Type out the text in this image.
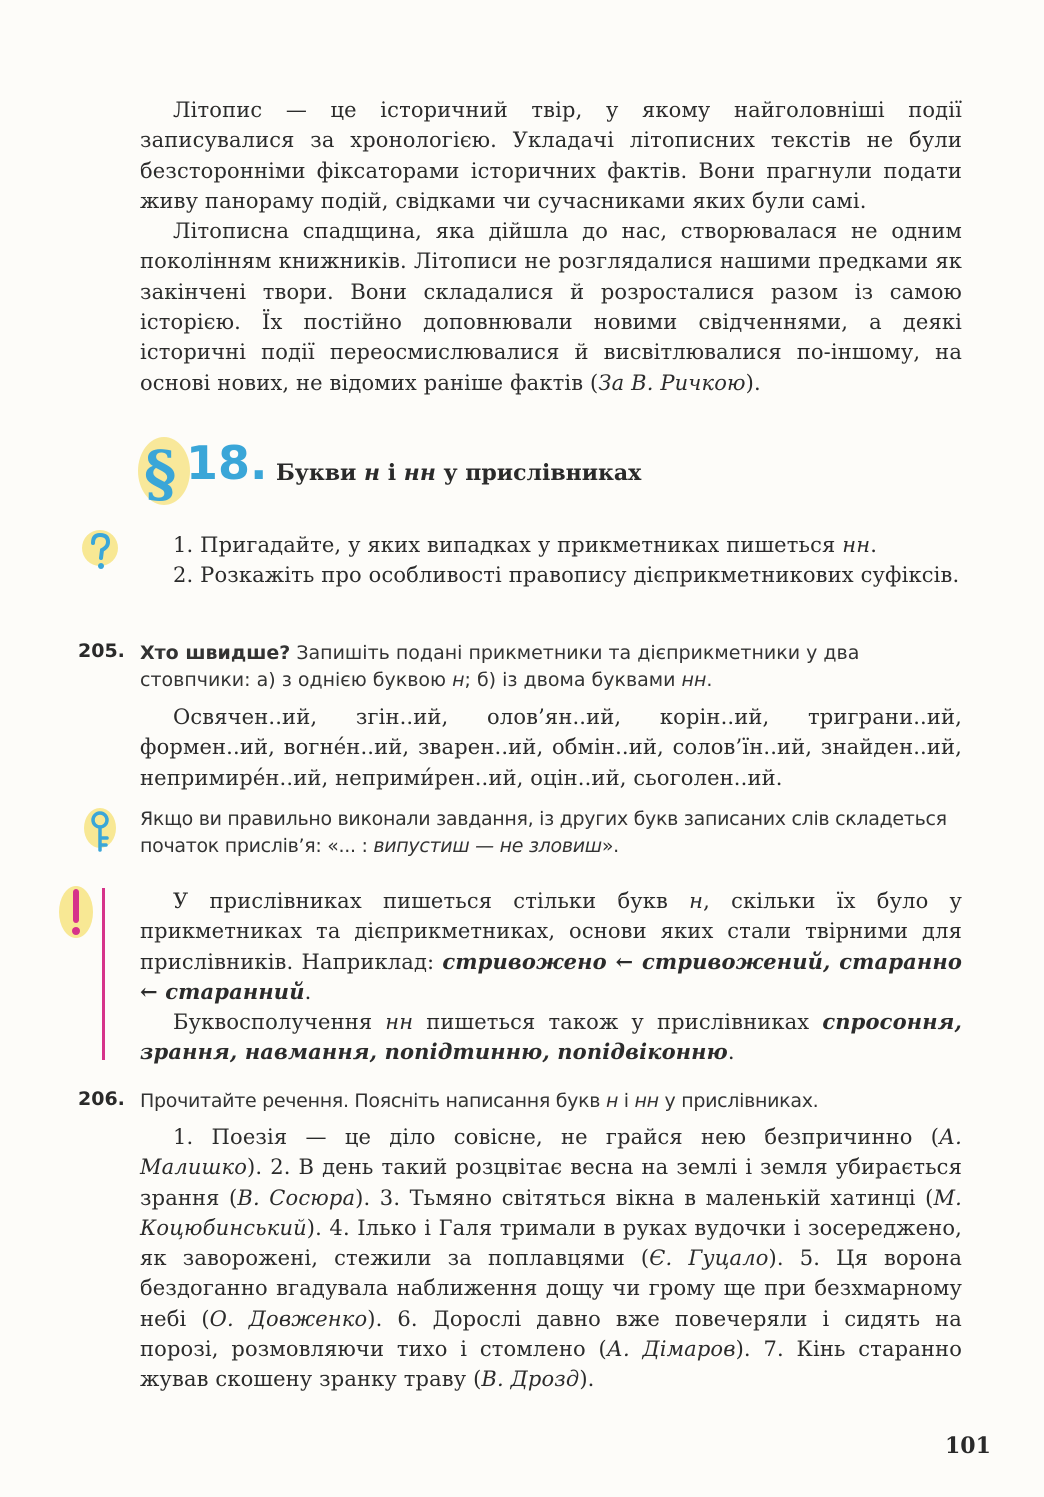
Літопис — це історичний твір, у якому найголовніші події записувалися за хронологією. Укладачі літописних текстів не були безсторонніми фіксаторами історичних фактів. Вони прагнули подати живу панораму подій, свідками чи сучасниками яких були самі.

Літописна спадщина, яка дійшла до нас, створювалася не одним поколінням книжників. Літописи не розглядалися нашими предками як закінчені твори. Вони складалися й розросталися разом із самою історією. Їх постійно доповнювали новими свідченнями, а деякі історичні події переосмислювалися й висвітлювалися по-іншому, на основі нових, не відомих раніше фактів (За В. Ричкою).

§ 18. Букви н і нн у прислівниках

1. Пригадайте, у яких випадках у прикметниках пишеться нн.

2. Розкажіть про особливості правопису дієприкметникових суфіксів.

205. Хто швидше? Запишіть подані прикметники та дієприкметники у два стовпчики: а) з однією буквою н; б) із двома буквами нн.

Освячен..ий, згін..ий, олов’ян..ий, корін..ий, триграни..ий, формен..ий, вогне́н..ий, зварен..ий, обмін..ий, солов’їн..ий, знайден..ий, непримире́н..ий, неприми́рен..ий, оцін..ий, сьоголен..ий.

Якщо ви правильно виконали завдання, із других букв записаних слів складеться початок прислів’я: «... : випустиш — не зловиш».

У прислівниках пишеться стільки букв н, скільки їх було у прикметниках та дієприкметниках, основи яких стали твірними для прислівників. Наприклад: стривожено ← стривожений, старанно ← старанний.

Буквосполучення нн пишеться також у прислівниках спросоння, зрання, навмання, попідтинню, попідвіконню.

206. Прочитайте речення. Поясніть написання букв н і нн у прислівниках.

1. Поезія — це діло совісне, не грайся нею безпричинно (А. Малишко). 2. В день такий розцвітає весна на землі і земля убирається зрання (В. Сосюра). 3. Тьмяно світяться вікна в маленькій хатинці (М. Коцюбинський). 4. Ілько і Галя тримали в руках вудочки і зосереджено, як заворожені, стежили за поплавцями (Є. Гуцало). 5. Ця ворона бездоганно вгадувала наближення дощу чи грому ще при безхмарному небі (О. Довженко). 6. Дорослі давно вже повечеряли і сидять на порозі, розмовляючи тихо і стомлено (А. Дімаров). 7. Кінь старанно жував скошену зранку траву (В. Дрозд).

101
